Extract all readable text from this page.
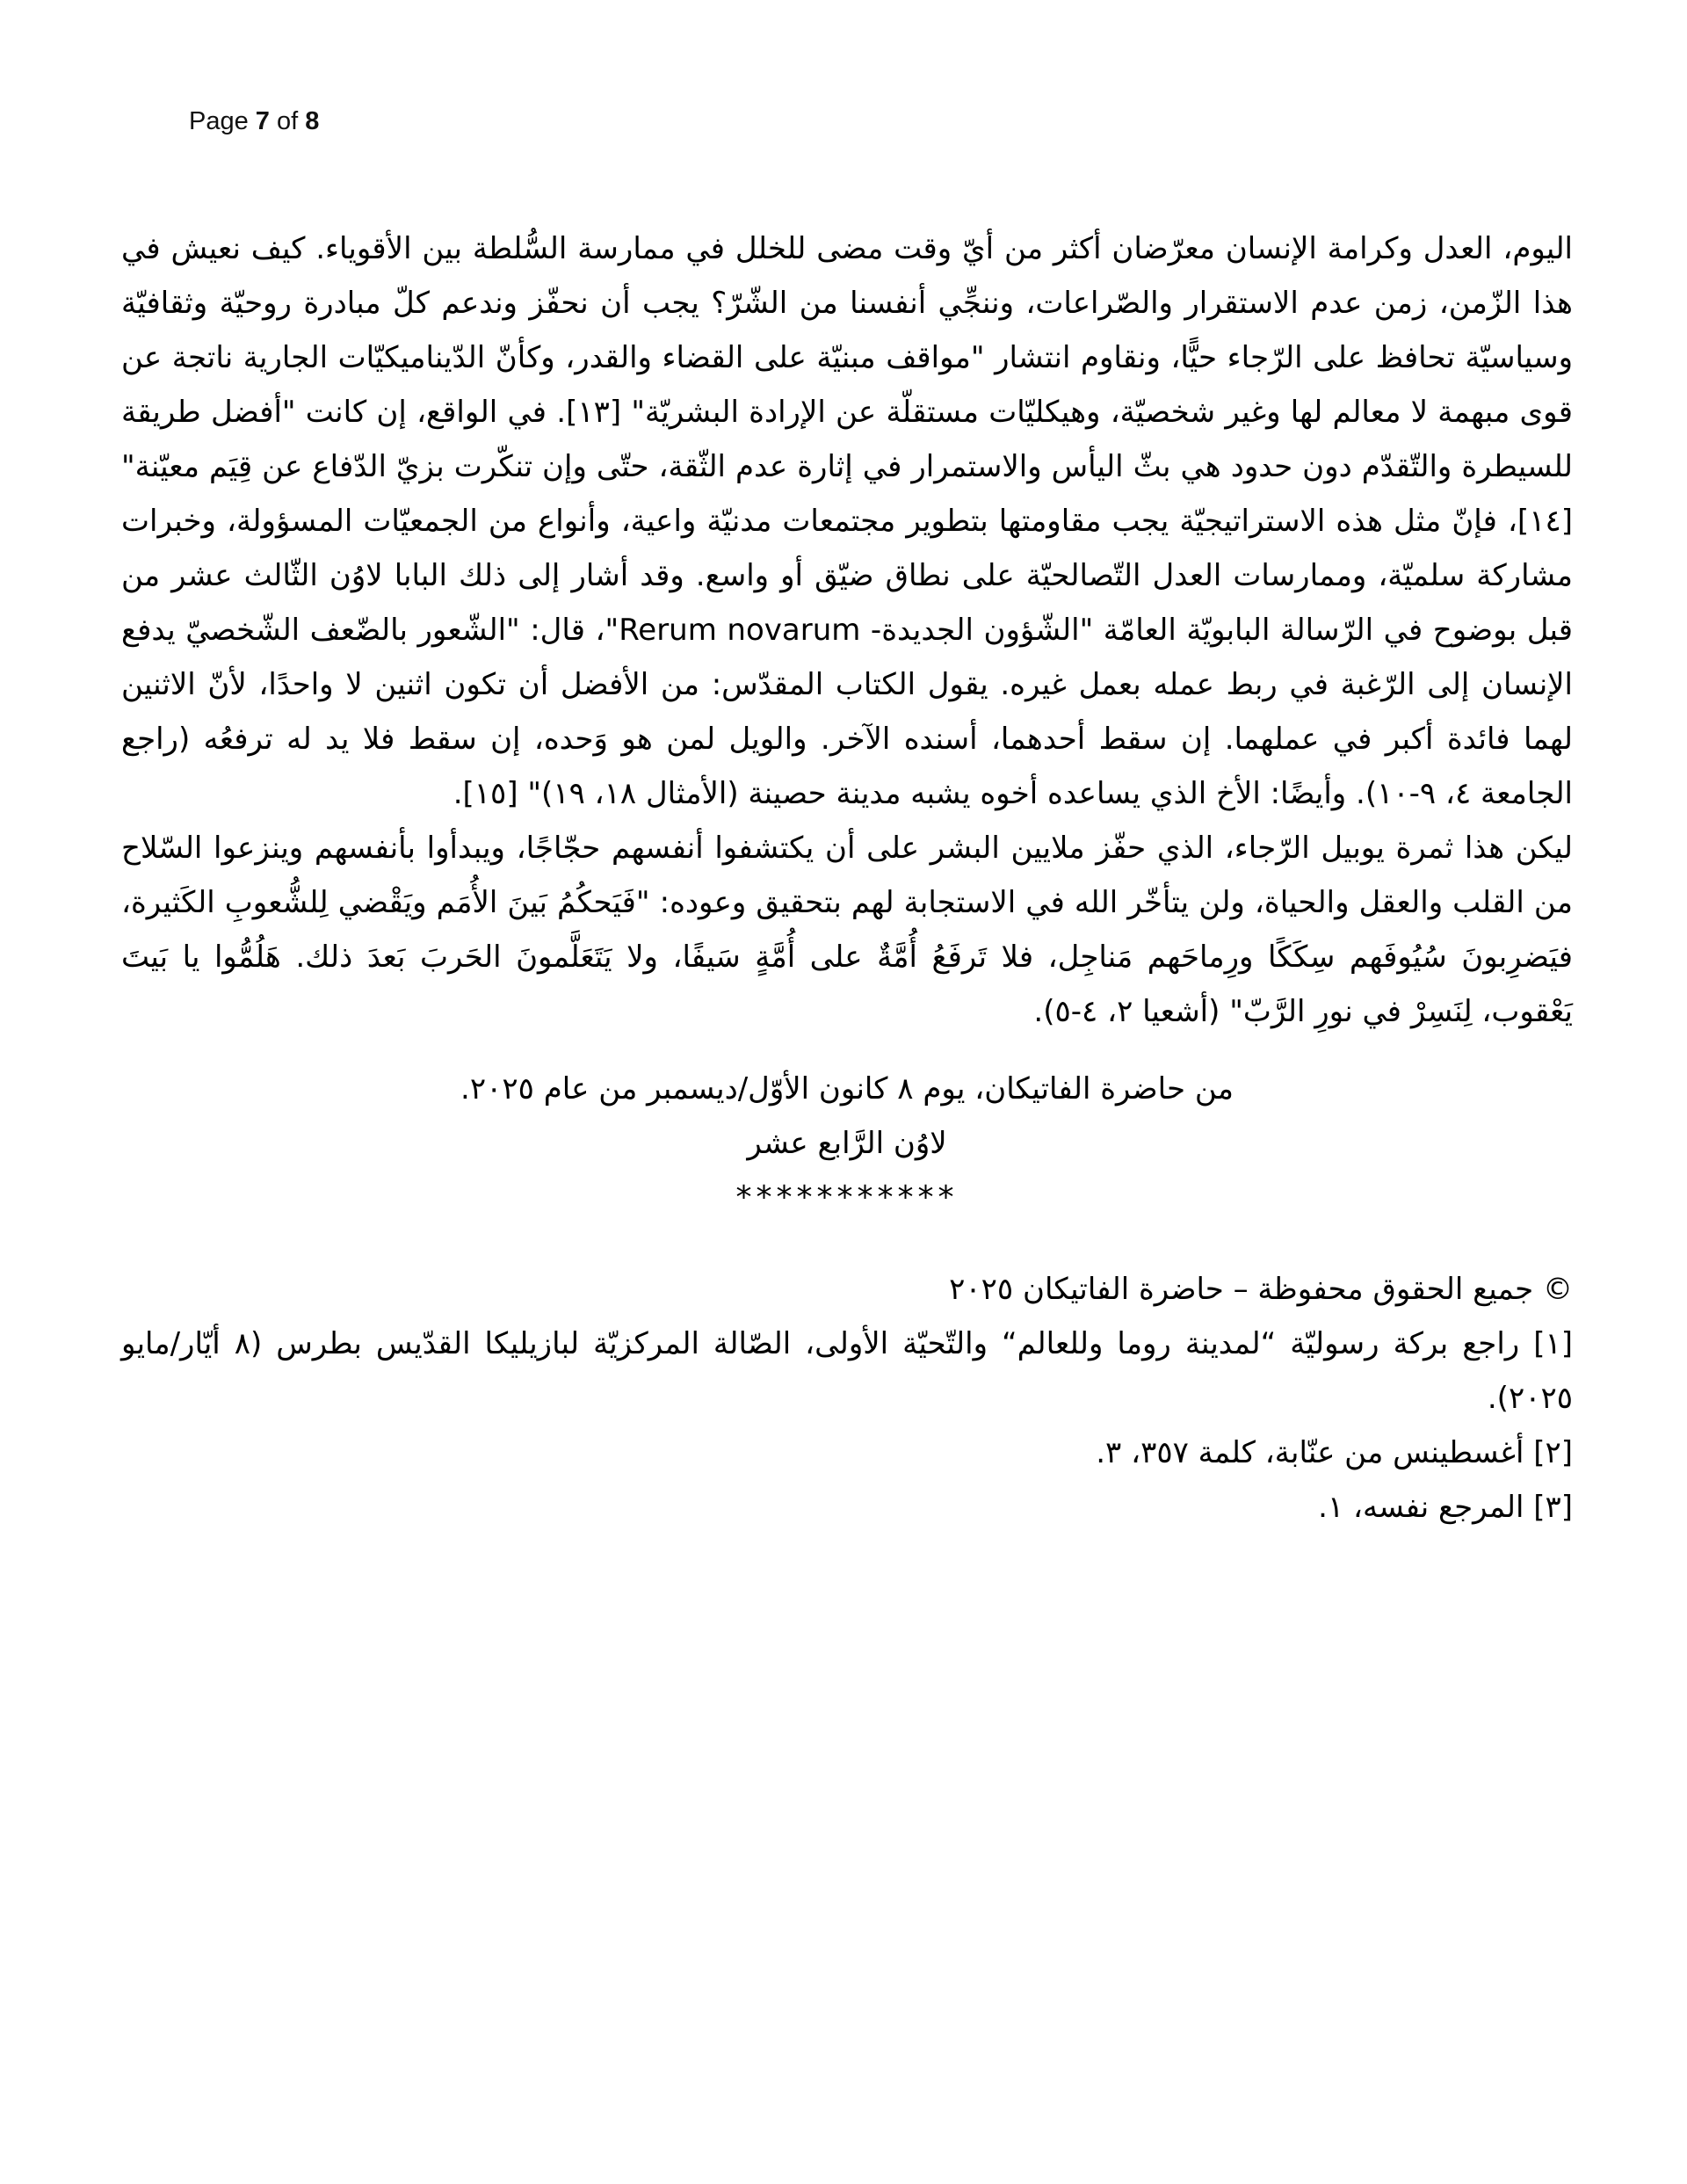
Page 7 of 8

اليوم، العدل وكرامة الإنسان معرّضان أكثر من أيّ وقت مضى للخلل في ممارسة السُّلطة بين الأقوياء. كيف نعيش في هذا الزّمن، زمن عدم الاستقرار والصّراعات، وننجِّي أنفسنا من الشّرّ؟ يجب أن نحفّز وندعم كلّ مبادرة روحيّة وثقافيّة وسياسيّة تحافظ على الرّجاء حيًّا، ونقاوم انتشار "مواقف مبنيّة على القضاء والقدر، وكأنّ الدّيناميكيّات الجارية ناتجة عن قوى مبهمة لا معالم لها وغير شخصيّة، وهيكليّات مستقلّة عن الإرادة البشريّة" [١٣]. في الواقع، إن كانت "أفضل طريقة للسيطرة والتّقدّم دون حدود هي بثّ اليأس والاستمرار في إثارة عدم الثّقة، حتّى وإن تنكّرت بزيّ الدّفاع عن قِيَم معيّنة" [١٤]، فإنّ مثل هذه الاستراتيجيّة يجب مقاومتها بتطوير مجتمعات مدنيّة واعية، وأنواع من الجمعيّات المسؤولة، وخبرات مشاركة سلميّة، وممارسات العدل التّصالحيّة على نطاق ضيّق أو واسع. وقد أشار إلى ذلك البابا لاوُن الثّالث عشر من قبل بوضوح في الرّسالة البابويّة العامّة "الشّؤون الجديدة- Rerum novarum"، قال: "الشّعور بالضّعف الشّخصيّ يدفع الإنسان إلى الرّغبة في ربط عمله بعمل غيره. يقول الكتاب المقدّس: من الأفضل أن تكون اثنين لا واحدًا، لأنّ الاثنين لهما فائدة أكبر في عملهما. إن سقط أحدهما، أسنده الآخر. والويل لمن هو وَحده، إن سقط فلا يد له ترفعُه (راجع الجامعة ٤، ٩-١٠). وأيضًا: الأخ الذي يساعده أخوه يشبه مدينة حصينة (الأمثال ١٨، ١٩)" [١٥].

ليكن هذا ثمرة يوبيل الرّجاء، الذي حفّز ملايين البشر على أن يكتشفوا أنفسهم حجّاجًا، ويبدأوا بأنفسهم وينزعوا السّلاح من القلب والعقل والحياة، ولن يتأخّر الله في الاستجابة لهم بتحقيق وعوده: "فَيَحكُمُ بَينَ الأُمَم ويَقْضي لِلشُّعوبِ الكَثيرة، فيَضرِبونَ سُيُوفَهم سِكَكًا ورِماحَهم مَناجِل، فلا تَرفَعُ أُمَّةٌ على أُمَّةٍ سَيفًا، ولا يَتَعَلَّمونَ الحَربَ بَعدَ ذلك. هَلُمُّوا يا بَيتَ يَعْقوب، لِنَسِرْ في نورِ الرَّبّ" (أشعيا ٢، ٤-٥).

من حاضرة الفاتيكان، يوم ٨ كانون الأوّل/ديسمبر من عام ٢٠٢٥.

لاوُن الرَّابع عشر

***********

© جميع الحقوق محفوظة – حاضرة الفاتيكان ٢٠٢٥

[١] راجع بركة رسوليّة “لمدينة روما وللعالم“ والتّحيّة الأولى، الصّالة المركزيّة لبازيليكا القدّيس بطرس (٨ أيّار/مايو ٢٠٢٥).

[٢] أغسطينس من عنّابة، كلمة ٣٥٧، ٣.

[٣] المرجع نفسه، ١.
